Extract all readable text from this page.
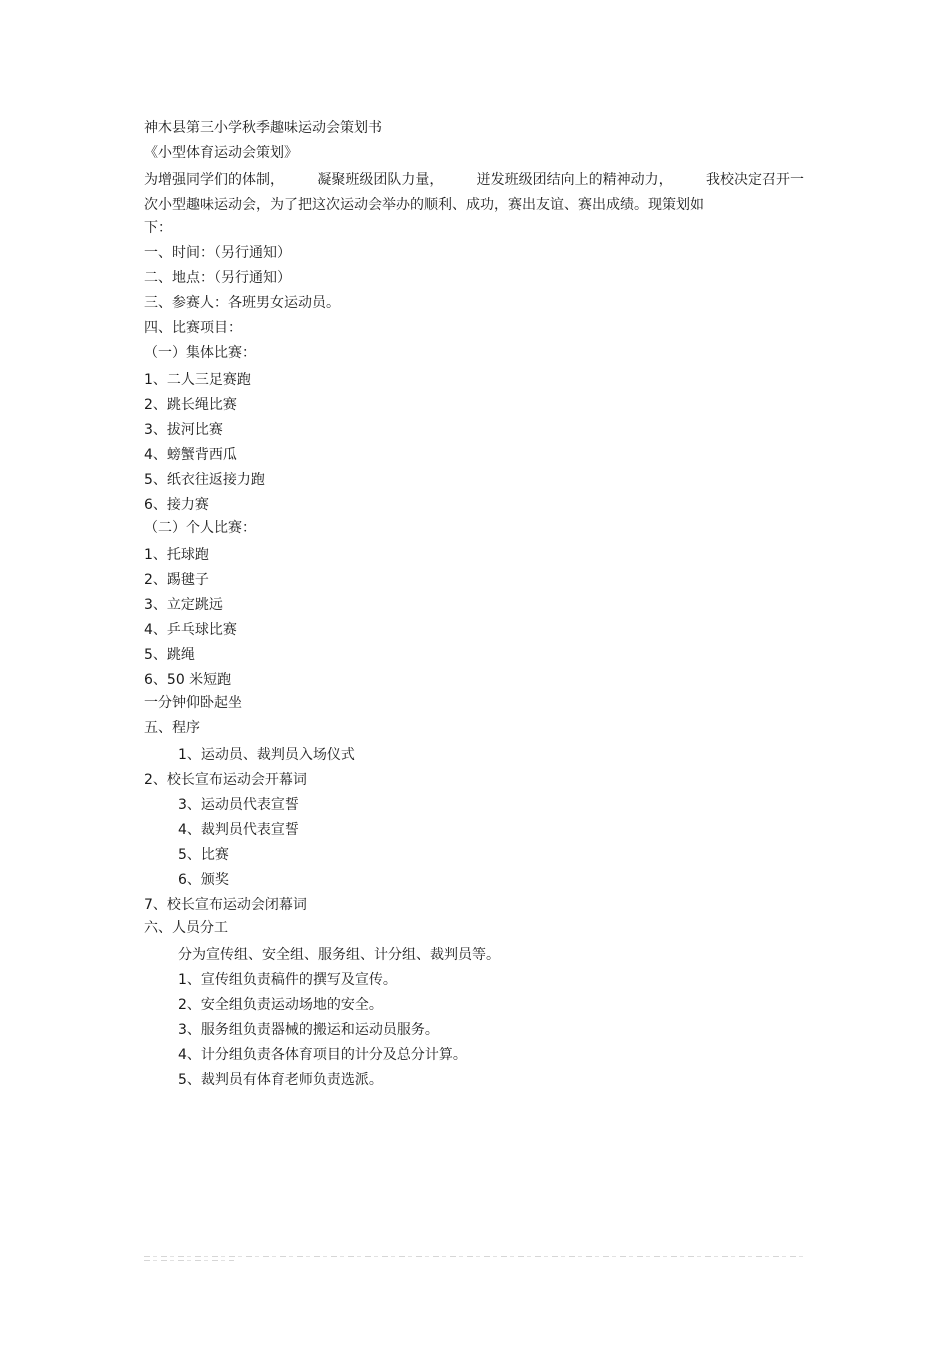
神木县第三小学秋季趣味运动会策划书
《小型体育运动会策划》
为增强同学们的体制， 凝聚班级团队力量， 迸发班级团结向上的精神动力， 我校决定召开一
次小型趣味运动会，为了把这次运动会举办的顺利、成功，赛出友谊、赛出成绩。现策划如
下：
一、时间：（另行通知）
二、地点：（另行通知）
三、参赛人：各班男女运动员。
四、比赛项目：
（一）集体比赛：
1、二人三足赛跑
2、跳长绳比赛
3、拔河比赛
4、螃蟹背西瓜
5、纸衣往返接力跑
6、接力赛
（二）个人比赛：
1、托球跑
2、踢毽子
3、立定跳远
4、乒乓球比赛
5、跳绳
6、50 米短跑
一分钟仰卧起坐
五、程序
1、运动员、裁判员入场仪式
2、校长宣布运动会开幕词
3、运动员代表宣誓
4、裁判员代表宣誓
5、比赛
6、颁奖
7、校长宣布运动会闭幕词
六、人员分工
分为宣传组、安全组、服务组、计分组、裁判员等。
1、宣传组负责稿件的撰写及宣传。
2、安全组负责运动场地的安全。
3、服务组负责器械的搬运和运动员服务。
4、计分组负责各体育项目的计分及总分计算。
5、裁判员有体育老师负责选派。
